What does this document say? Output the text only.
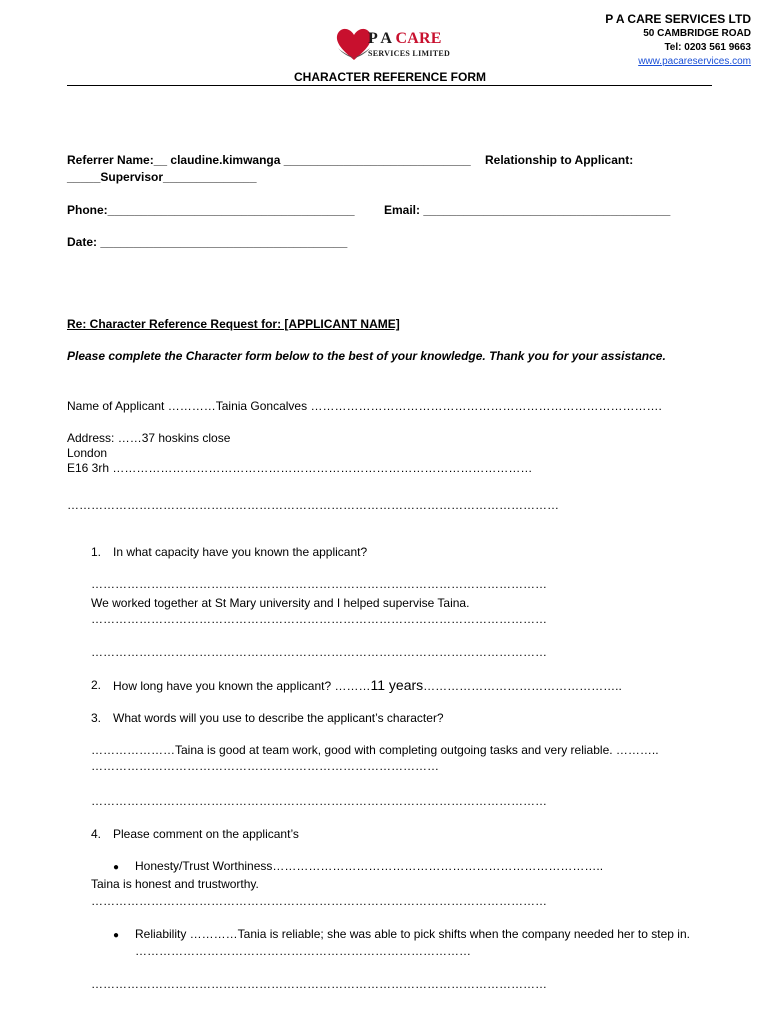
P A CARE
SERVICES LIMITED
P A CARE SERVICES LTD
50 CAMBRIDGE ROAD
Tel: 0203 561 9663
www.pacareservices.com
CHARACTER REFERENCE FORM
Referrer Name:__ claudine.kimwanga ____________________________ Relationship to Applicant:
_____Supervisor______________
Phone:_____________________________________ Email: _____________________________________
Date: _____________________________________
Re: Character Reference Request for: [APPLICANT NAME]
Please complete the Character form below to the best of your knowledge. Thank you for your assistance.
Name of Applicant …………Tainia Goncalves …………………………………………………………………………….
Address: ……37 hoskins close
London
E16 3rh ……………………………………………………………………………………………
……………………………………………………………………………………………………………
1. In what capacity have you known the applicant?
……………………………………………………………………………………………………
We worked together at St Mary university and I helped supervise Taina.
……………………………………………………………………………………………………
……………………………………………………………………………………………………
2. How long have you known the applicant? ………11 years…………………………………………..
3. What words will you use to describe the applicant’s character?
…………………Taina is good at team work, good with completing outgoing tasks and very reliable. ………..
……………………………………………………………………………
……………………………………………………………………………………………………
4. Please comment on the applicant’s
● Honesty/Trust Worthiness………………………………………………………………………..
Taina is honest and trustworthy.
……………………………………………………………………………………………………
● Reliability …………Tania is reliable; she was able to pick shifts when the company needed her to step in.
…………………………………………………………………………
……………………………………………………………………………………………………
